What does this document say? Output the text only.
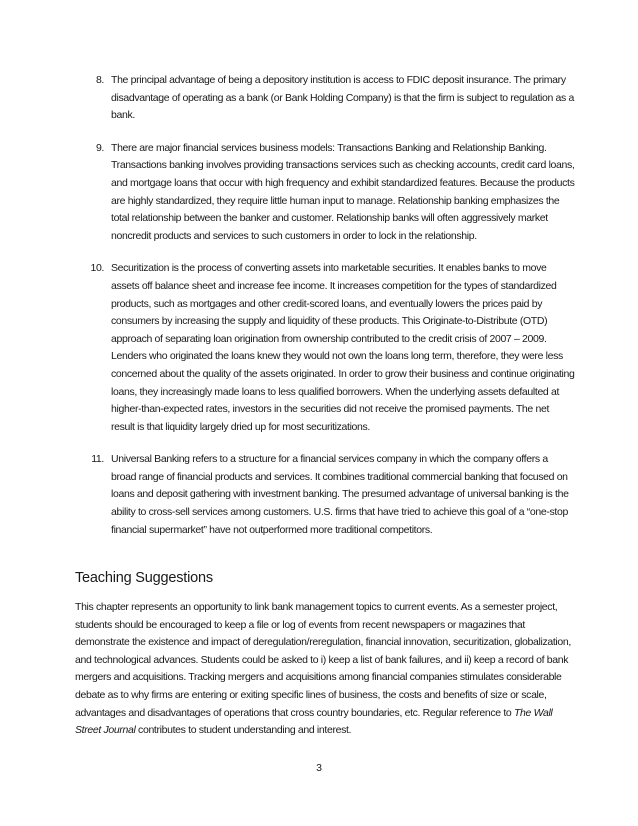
8. The principal advantage of being a depository institution is access to FDIC deposit insurance. The primary disadvantage of operating as a bank (or Bank Holding Company) is that the firm is subject to regulation as a bank.
9. There are major financial services business models: Transactions Banking and Relationship Banking. Transactions banking involves providing transactions services such as checking accounts, credit card loans, and mortgage loans that occur with high frequency and exhibit standardized features. Because the products are highly standardized, they require little human input to manage. Relationship banking emphasizes the total relationship between the banker and customer. Relationship banks will often aggressively market noncredit products and services to such customers in order to lock in the relationship.
10. Securitization is the process of converting assets into marketable securities. It enables banks to move assets off balance sheet and increase fee income. It increases competition for the types of standardized products, such as mortgages and other credit-scored loans, and eventually lowers the prices paid by consumers by increasing the supply and liquidity of these products. This Originate-to-Distribute (OTD) approach of separating loan origination from ownership contributed to the credit crisis of 2007 – 2009. Lenders who originated the loans knew they would not own the loans long term, therefore, they were less concerned about the quality of the assets originated. In order to grow their business and continue originating loans, they increasingly made loans to less qualified borrowers. When the underlying assets defaulted at higher-than-expected rates, investors in the securities did not receive the promised payments. The net result is that liquidity largely dried up for most securitizations.
11. Universal Banking refers to a structure for a financial services company in which the company offers a broad range of financial products and services. It combines traditional commercial banking that focused on loans and deposit gathering with investment banking. The presumed advantage of universal banking is the ability to cross-sell services among customers. U.S. firms that have tried to achieve this goal of a “one-stop financial supermarket” have not outperformed more traditional competitors.
Teaching Suggestions
This chapter represents an opportunity to link bank management topics to current events. As a semester project, students should be encouraged to keep a file or log of events from recent newspapers or magazines that demonstrate the existence and impact of deregulation/reregulation, financial innovation, securitization, globalization, and technological advances. Students could be asked to i) keep a list of bank failures, and ii) keep a record of bank mergers and acquisitions. Tracking mergers and acquisitions among financial companies stimulates considerable debate as to why firms are entering or exiting specific lines of business, the costs and benefits of size or scale, advantages and disadvantages of operations that cross country boundaries, etc. Regular reference to The Wall Street Journal contributes to student understanding and interest.
3
